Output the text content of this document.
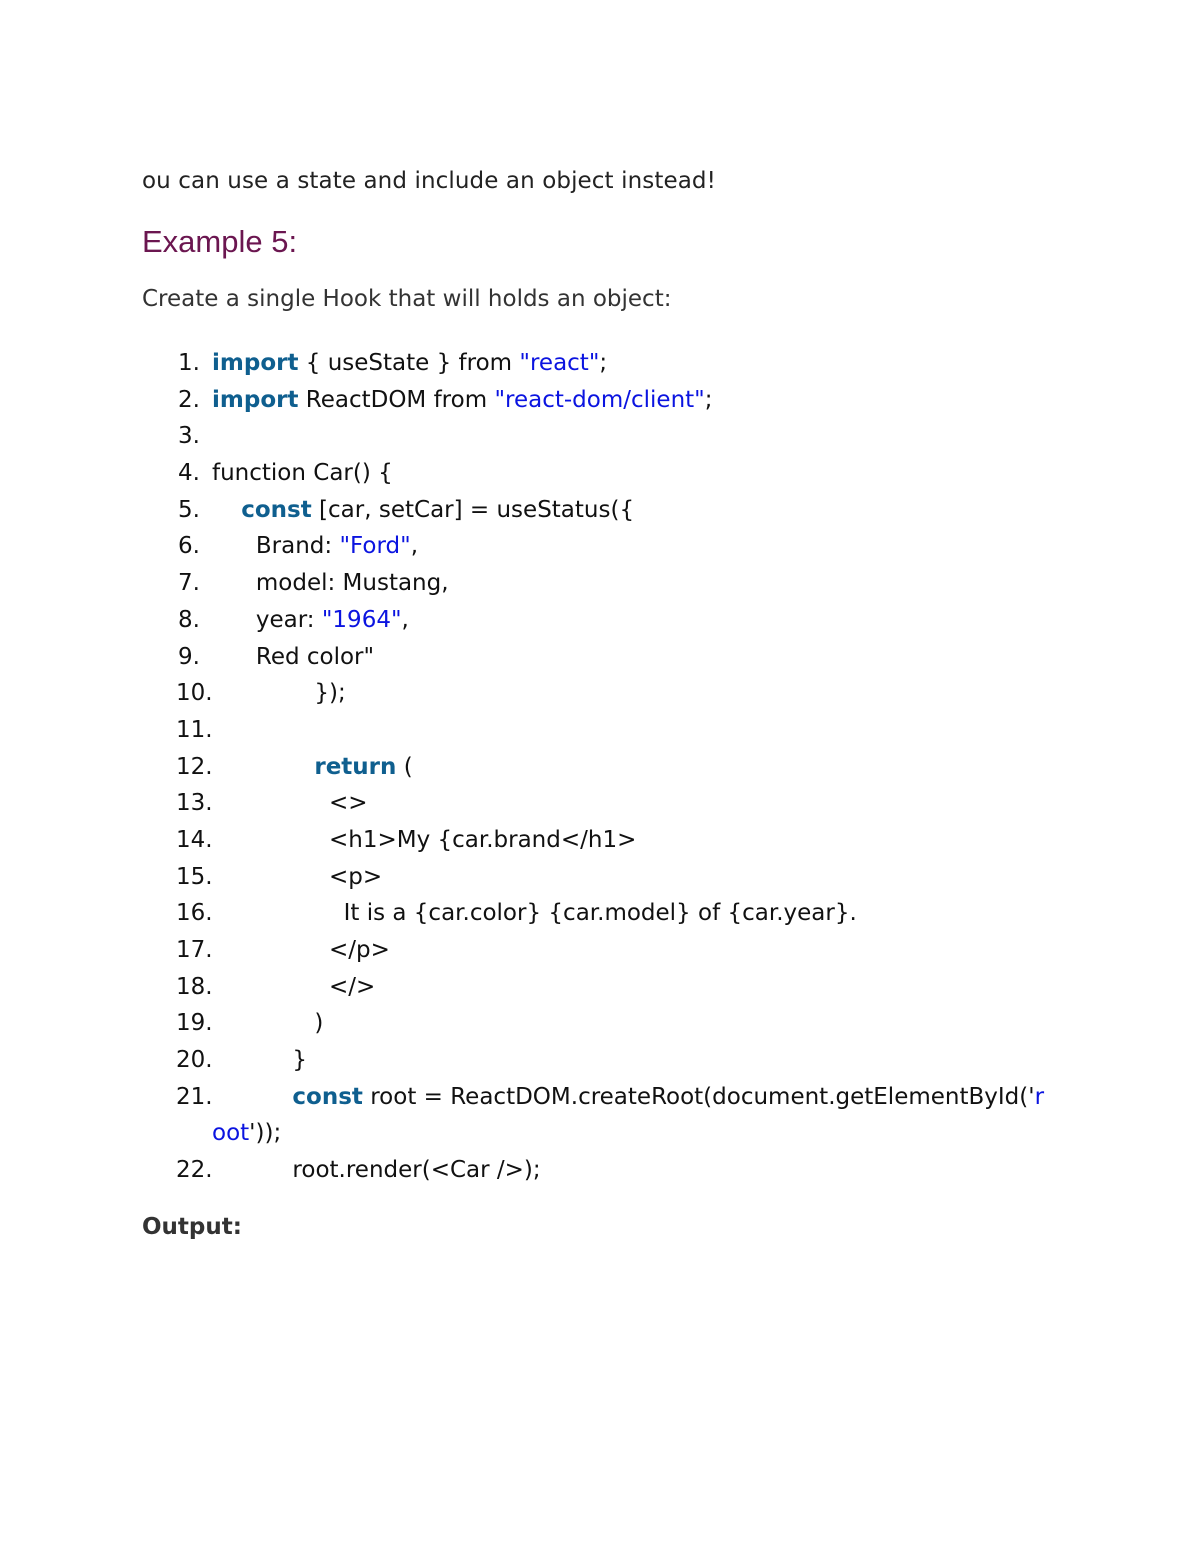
ou can use a state and include an object instead!
Example 5:
Create a single Hook that will holds an object:
1. import { useState } from "react";
2. import ReactDOM from "react-dom/client";
3.
4. function Car() {
5.	const [car, setCar] = useStatus({
6. Brand: "Ford",
7. model: Mustang,
8. year: "1964",
9. Red color"
10. });
11.
12.	return (
13. <>
14. <h1>My {car.brand</h1>
15. <p>
16. It is a {car.color} {car.model} of {car.year}.
17. </p>
18. </>
19. )
20. }
21.	const root = ReactDOM.createRoot(document.getElementById('r
oot'));
22. root.render(<Car />);
Output:
